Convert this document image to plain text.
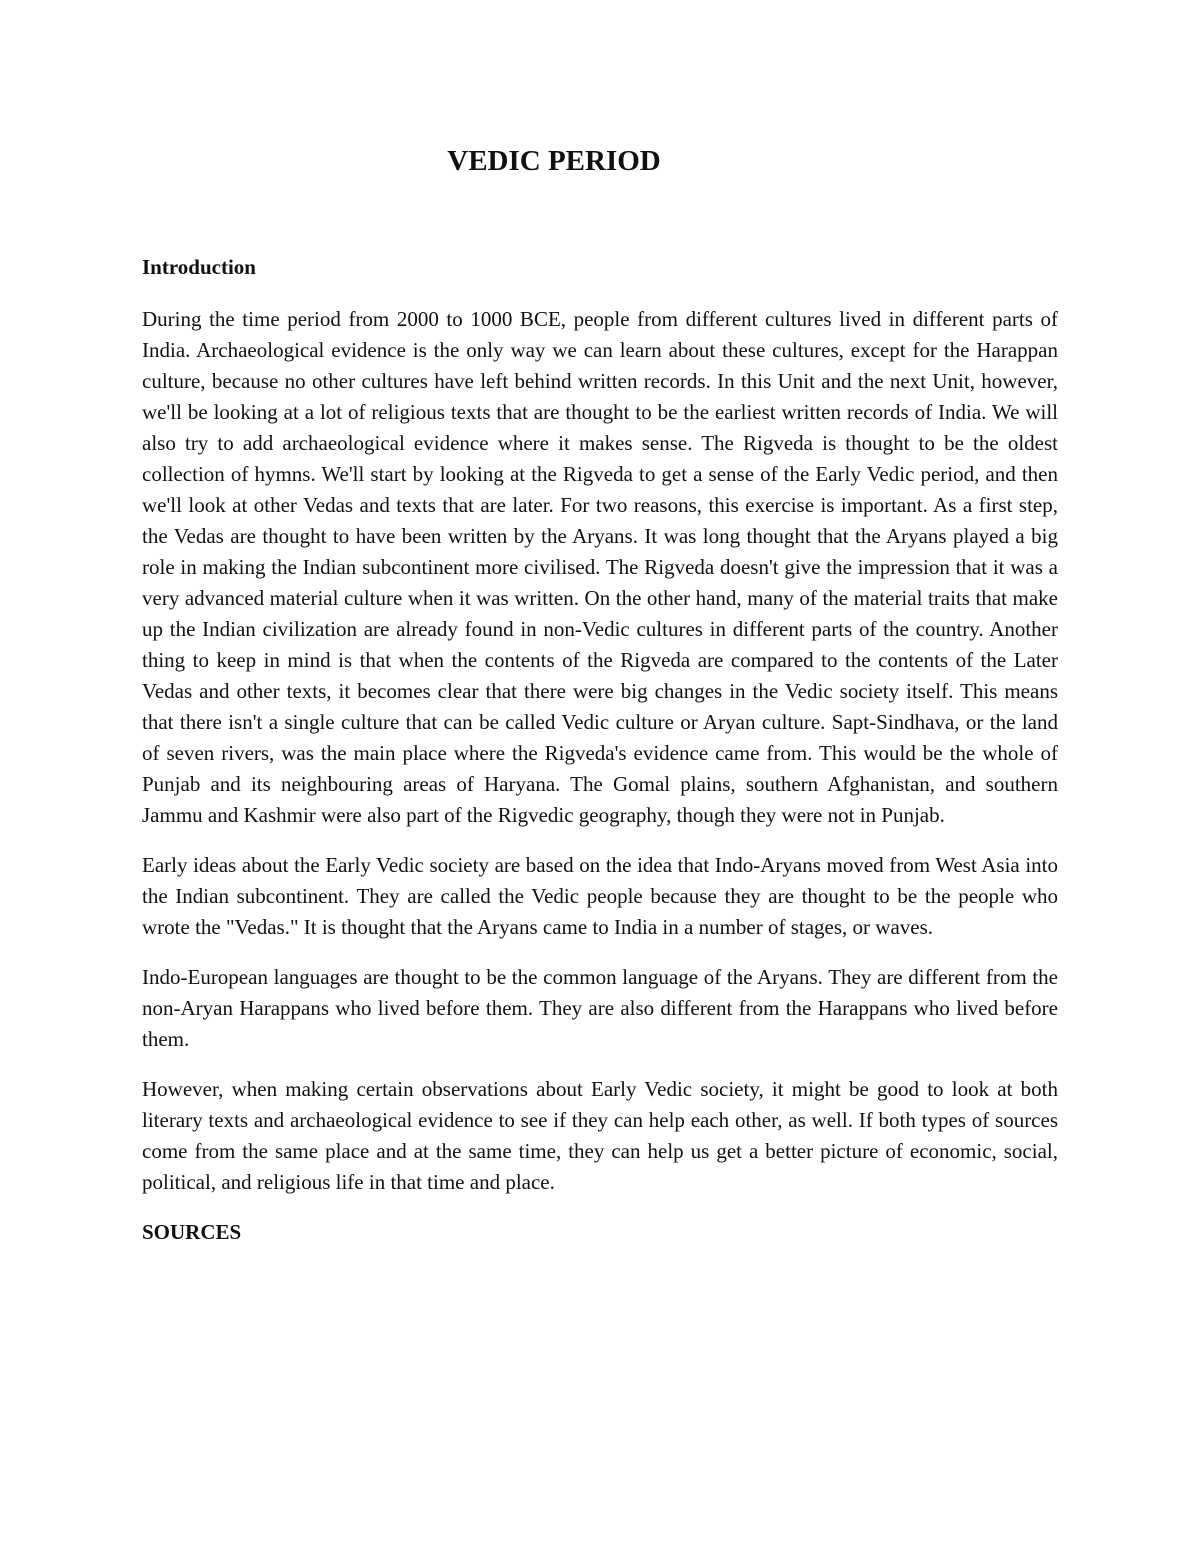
VEDIC PERIOD

Introduction

During the time period from 2000 to 1000 BCE, people from different cultures lived in different parts of India. Archaeological evidence is the only way we can learn about these cultures, except for the Harappan culture, because no other cultures have left behind written records. In this Unit and the next Unit, however, we'll be looking at a lot of religious texts that are thought to be the earliest written records of India. We will also try to add archaeological evidence where it makes sense. The Rigveda is thought to be the oldest collection of hymns. We'll start by looking at the Rigveda to get a sense of the Early Vedic period, and then we'll look at other Vedas and texts that are later. For two reasons, this exercise is important. As a first step, the Vedas are thought to have been written by the Aryans. It was long thought that the Aryans played a big role in making the Indian subcontinent more civilised. The Rigveda doesn't give the impression that it was a very advanced material culture when it was written. On the other hand, many of the material traits that make up the Indian civilization are already found in non-Vedic cultures in different parts of the country. Another thing to keep in mind is that when the contents of the Rigveda are compared to the contents of the Later Vedas and other texts, it becomes clear that there were big changes in the Vedic society itself. This means that there isn't a single culture that can be called Vedic culture or Aryan culture. Sapt-Sindhava, or the land of seven rivers, was the main place where the Rigveda's evidence came from. This would be the whole of Punjab and its neighbouring areas of Haryana. The Gomal plains, southern Afghanistan, and southern Jammu and Kashmir were also part of the Rigvedic geography, though they were not in Punjab.

Early ideas about the Early Vedic society are based on the idea that Indo-Aryans moved from West Asia into the Indian subcontinent. They are called the Vedic people because they are thought to be the people who wrote the "Vedas." It is thought that the Aryans came to India in a number of stages, or waves.

Indo-European languages are thought to be the common language of the Aryans. They are different from the non-Aryan Harappans who lived before them. They are also different from the Harappans who lived before them.

However, when making certain observations about Early Vedic society, it might be good to look at both literary texts and archaeological evidence to see if they can help each other, as well. If both types of sources come from the same place and at the same time, they can help us get a better picture of economic, social, political, and religious life in that time and place.

SOURCES
